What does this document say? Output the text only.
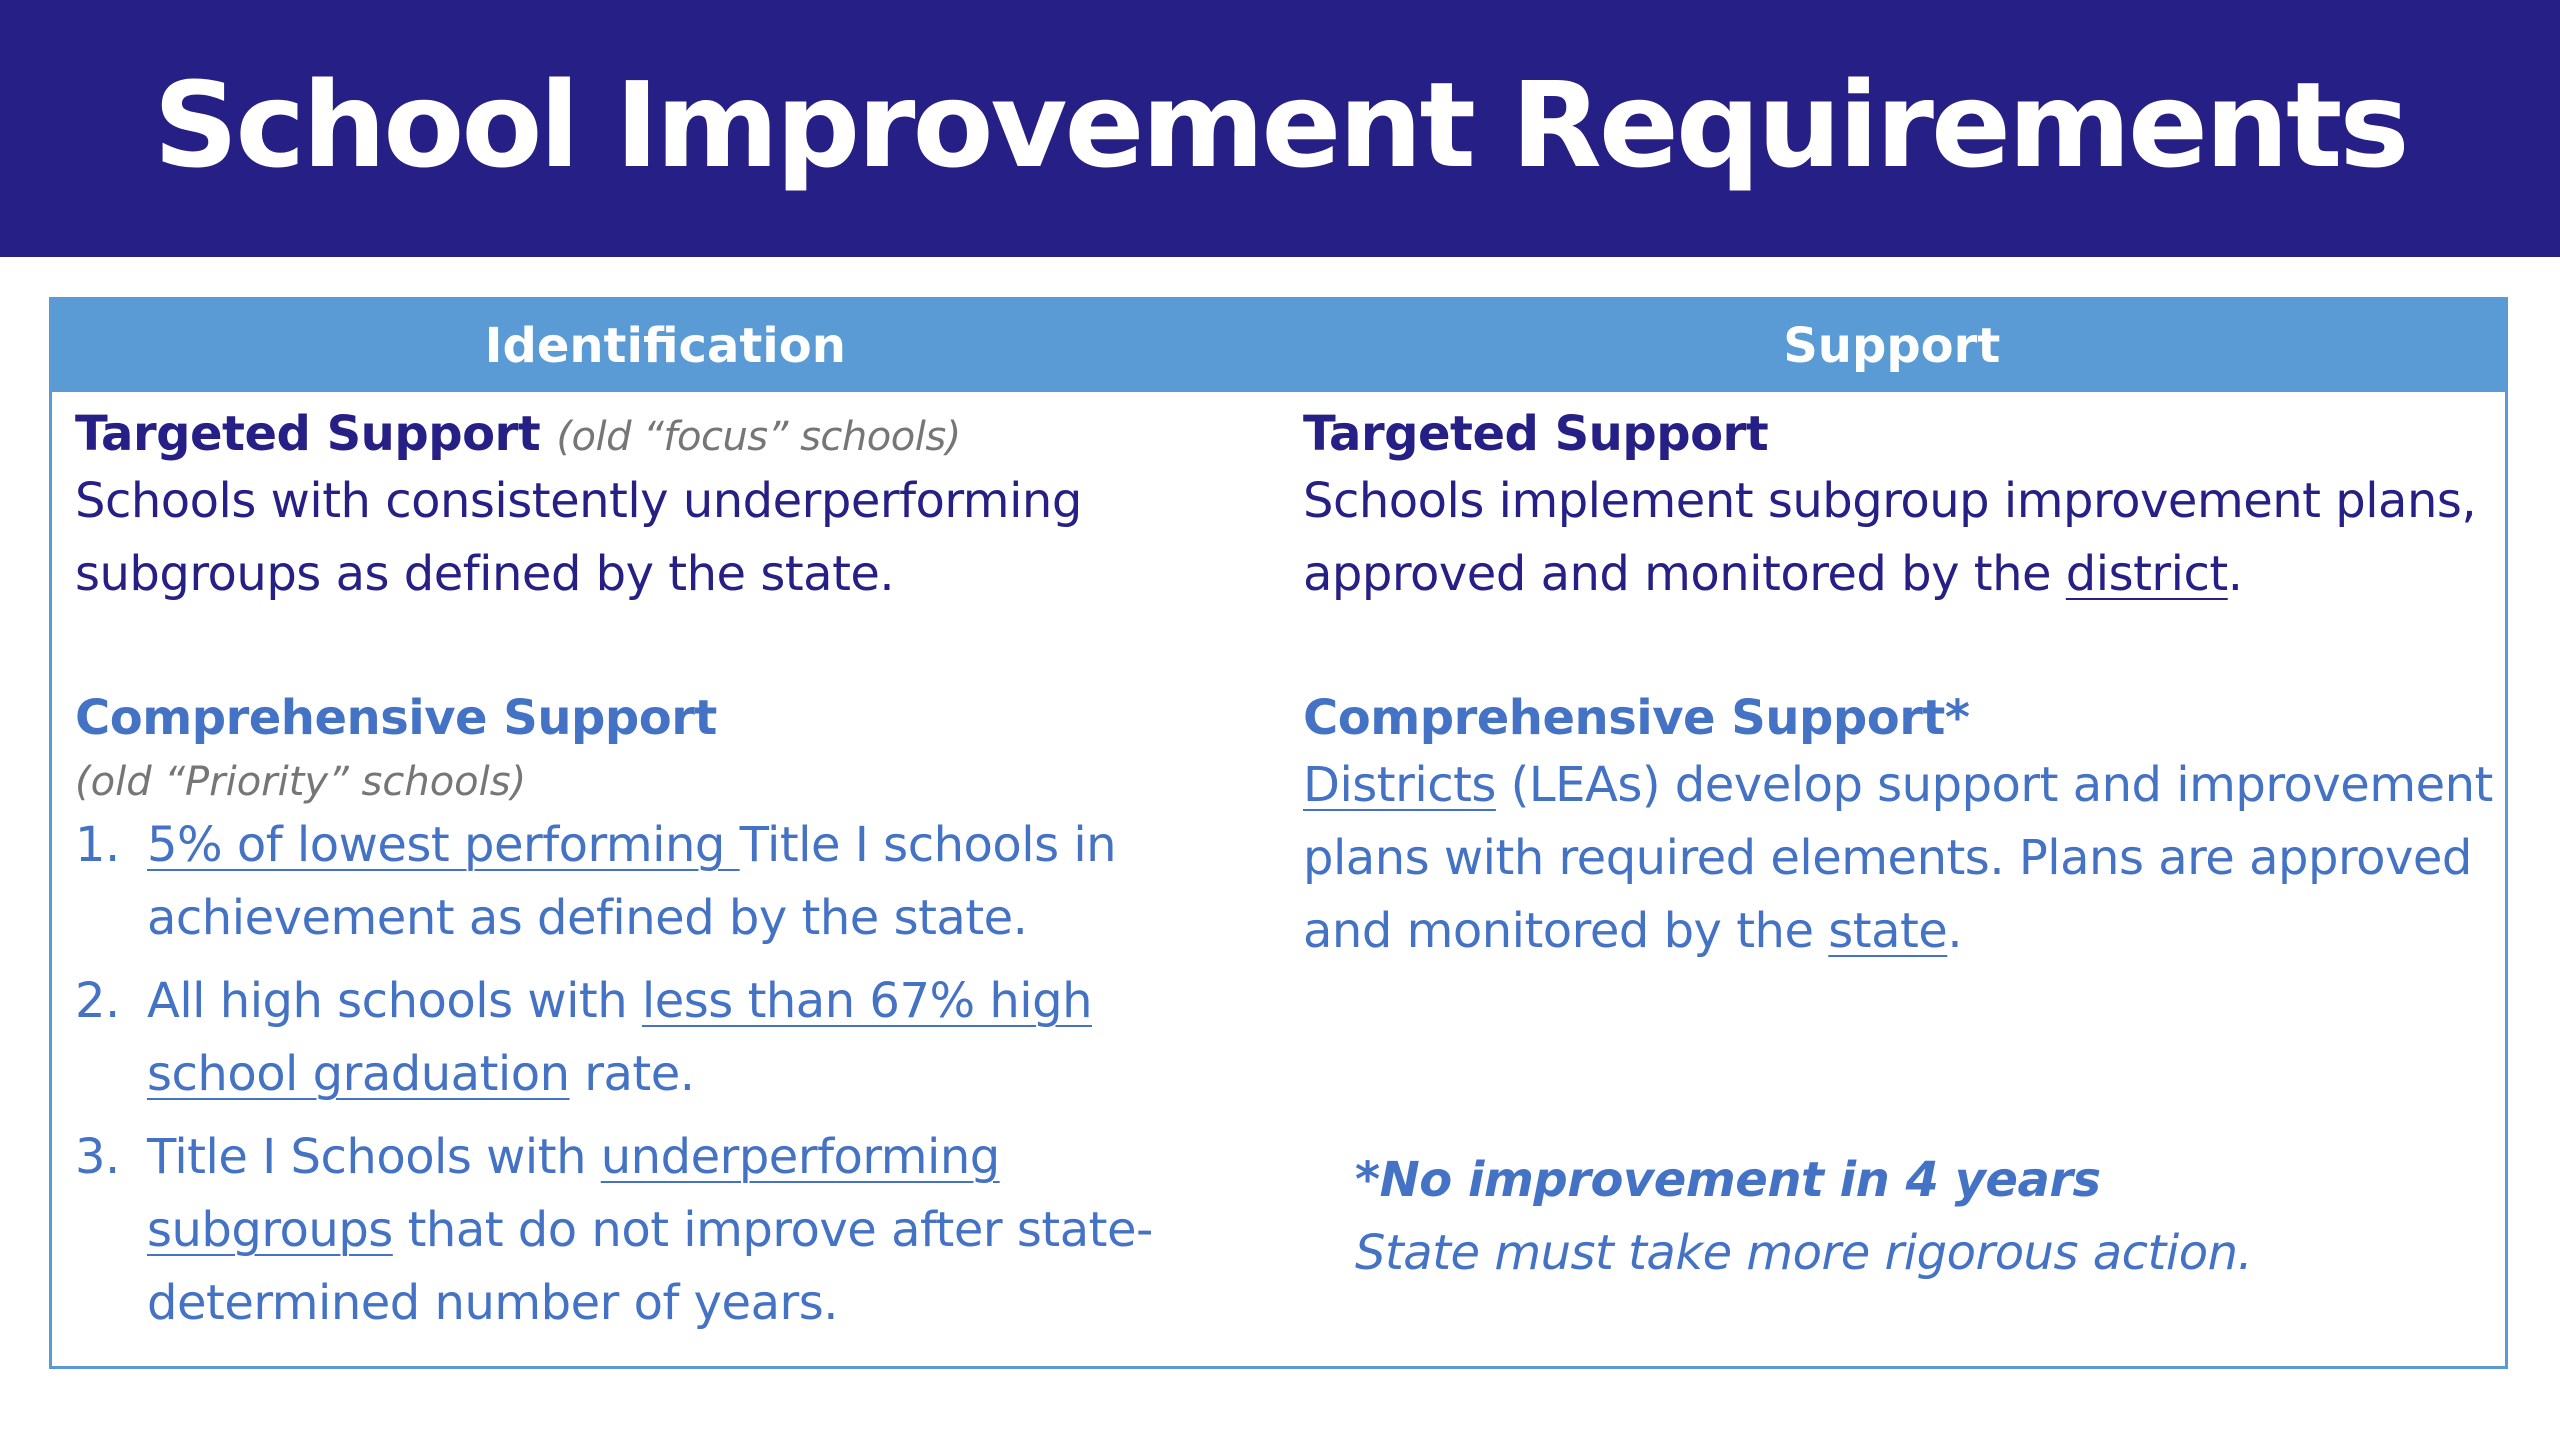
School Improvement Requirements
Identification	Support
Targeted Support (old “focus” schools)
Schools with consistently underperforming subgroups as defined by the state.
Comprehensive Support
(old “Priority” schools)
1. 5% of lowest performing Title I schools in achievement as defined by the state.
2. All high schools with less than 67% high school graduation rate.
3. Title I Schools with underperforming subgroups that do not improve after state-determined number of years.
Targeted Support
Schools implement subgroup improvement plans, approved and monitored by the district.
Comprehensive Support*
Districts (LEAs) develop support and improvement plans with required elements. Plans are approved and monitored by the state.
*No improvement in 4 years
State must take more rigorous action.
